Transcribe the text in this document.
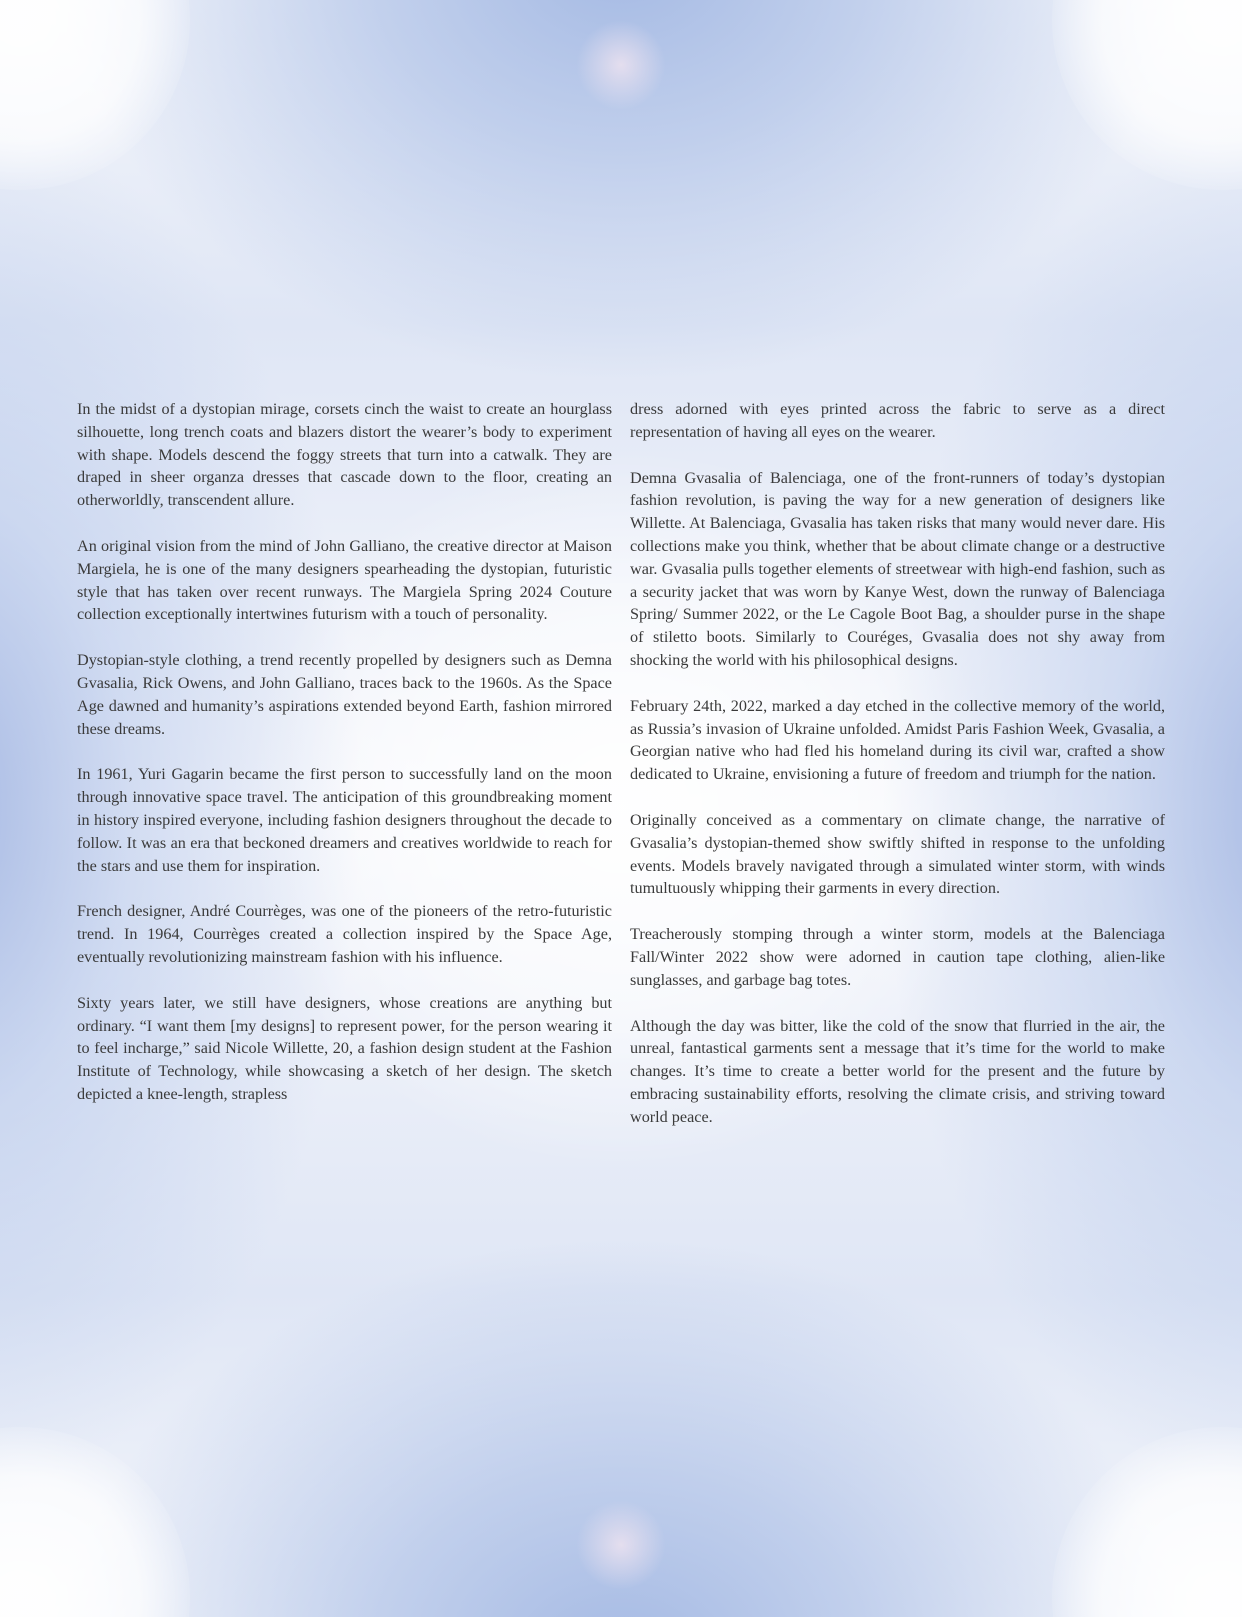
In the midst of a dystopian mirage, corsets cinch the waist to create an hourglass silhouette, long trench coats and blazers distort the wearer’s body to experiment with shape. Models descend the foggy streets that turn into a catwalk. They are draped in sheer organza dresses that cascade down to the floor, creating an otherworldly, transcendent allure.

An original vision from the mind of John Galliano, the creative director at Maison Margiela, he is one of the many designers spearheading the dystopian, futuristic style that has taken over recent runways. The Margiela Spring 2024 Couture collection exceptionally intertwines futurism with a touch of personality.

Dystopian-style clothing, a trend recently propelled by designers such as Demna Gvasalia, Rick Owens, and John Galliano, traces back to the 1960s. As the Space Age dawned and humanity’s aspirations extended beyond Earth, fashion mirrored these dreams.

In 1961, Yuri Gagarin became the first person to successfully land on the moon through innovative space travel. The anticipation of this groundbreaking moment in history inspired everyone, including fashion designers throughout the decade to follow. It was an era that beckoned dreamers and creatives worldwide to reach for the stars and use them for inspiration.

French designer, André Courrèges, was one of the pioneers of the retro-futuristic trend. In 1964, Courrèges created a collection inspired by the Space Age, eventually revolutionizing mainstream fashion with his influence.

Sixty years later, we still have designers, whose creations are anything but ordinary. “I want them [my designs] to represent power, for the person wearing it to feel incharge,” said Nicole Willette, 20, a fashion design student at the Fashion Institute of Technology, while showcasing a sketch of her design. The sketch depicted a knee-length, strapless

dress adorned with eyes printed across the fabric to serve as a direct representation of having all eyes on the wearer.

Demna Gvasalia of Balenciaga, one of the front-runners of today’s dystopian fashion revolution, is paving the way for a new generation of designers like Willette. At Balenciaga, Gvasalia has taken risks that many would never dare. His collections make you think, whether that be about climate change or a destructive war. Gvasalia pulls together elements of streetwear with high-end fashion, such as a security jacket that was worn by Kanye West, down the runway of Balenciaga Spring/ Summer 2022, or the Le Cagole Boot Bag, a shoulder purse in the shape of stiletto boots. Similarly to Couréges, Gvasalia does not shy away from shocking the world with his philosophical designs.

February 24th, 2022, marked a day etched in the collective memory of the world, as Russia’s invasion of Ukraine unfolded. Amidst Paris Fashion Week, Gvasalia, a Georgian native who had fled his homeland during its civil war, crafted a show dedicated to Ukraine, envisioning a future of freedom and triumph for the nation.

Originally conceived as a commentary on climate change, the narrative of Gvasalia’s dystopian-themed show swiftly shifted in response to the unfolding events. Models bravely navigated through a simulated winter storm, with winds tumultuously whipping their garments in every direction.

Treacherously stomping through a winter storm, models at the Balenciaga Fall/Winter 2022 show were adorned in caution tape clothing, alien-like sunglasses, and garbage bag totes.

Although the day was bitter, like the cold of the snow that flurried in the air, the unreal, fantastical garments sent a message that it’s time for the world to make changes. It’s time to create a better world for the present and the future by embracing sustainability efforts, resolving the climate crisis, and striving toward world peace.
